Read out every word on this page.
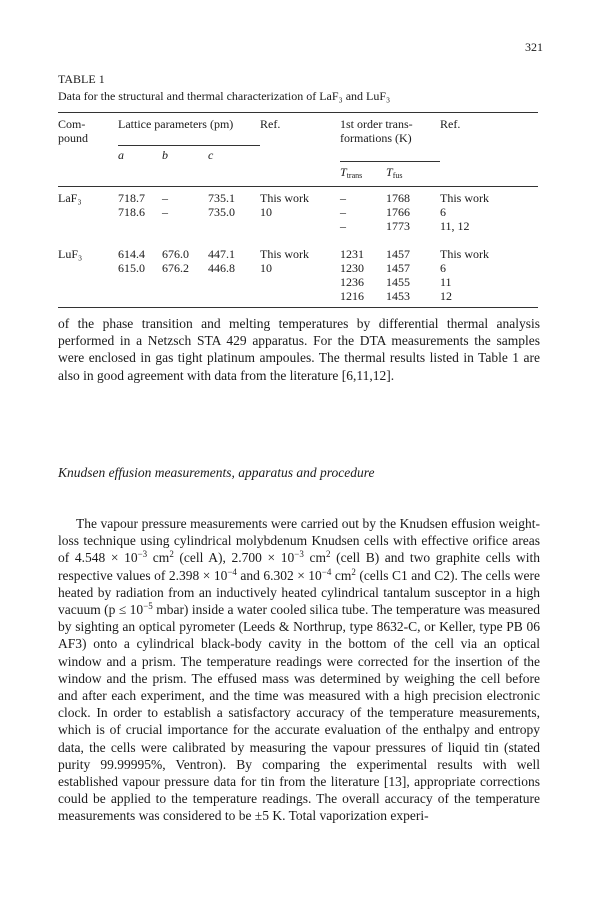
321
TABLE 1
Data for the structural and thermal characterization of LaF₃ and LuF₃
Com-
pound	Lattice parameters (pm)			Ref.	1st order trans-
formations (K)		Ref.
	a	b	c				
					$T_{trans}$	$T_{fus}$	
LaF₃	718.7	–	735.1	This work	–	1768	This work
	718.6	–	735.0	10	–	1766	6
					–	1773	11, 12
LuF₃	614.4	676.0	447.1	This work	1231	1457	This work
	615.0	676.2	446.8	10	1230	1457	6
					1236	1455	11
					1216	1453	12
of the phase transition and melting temperatures by differential thermal analysis performed in a Netzsch STA 429 apparatus. For the DTA measurements the samples were enclosed in gas tight platinum ampoules. The thermal results listed in Table 1 are also in good agreement with data from the literature [6,11,12].
Knudsen effusion measurements, apparatus and procedure
The vapour pressure measurements were carried out by the Knudsen effusion weight-loss technique using cylindrical molybdenum Knudsen cells with effective orifice areas of $4.548 \times 10^{-3}$ $cm^2$ (cell A), $2.700 \times 10^{-3}$ $cm^2$ (cell B) and two graphite cells with respective values of $2.398 \times 10^{-4}$ and $6.302 \times 10^{-4}$ $cm^2$ (cells C1 and C2). The cells were heated by radiation from an inductively heated cylindrical tantalum susceptor in a high vacuum ($p \le 10^{-5}$ mbar) inside a water cooled silica tube. The temperature was measured by sighting an optical pyrometer (Leeds & Northrup, type 8632-C, or Keller, type PB 06 AF3) onto a cylindrical black-body cavity in the bottom of the cell via an optical window and a prism. The temperature readings were corrected for the insertion of the window and the prism. The effused mass was determined by weighing the cell before and after each experiment, and the time was measured with a high precision electronic clock. In order to establish a satisfactory accuracy of the temperature measurements, which is of crucial importance for the accurate evaluation of the enthalpy and entropy data, the cells were calibrated by measuring the vapour pressures of liquid tin (stated purity 99.99995%, Ventron). By comparing the experimental results with well established vapour pressure data for tin from the literature [13], appropriate corrections could be applied to the temperature readings. The overall accuracy of the temperature measurements was considered to be ±5 K. Total vaporization experi-
